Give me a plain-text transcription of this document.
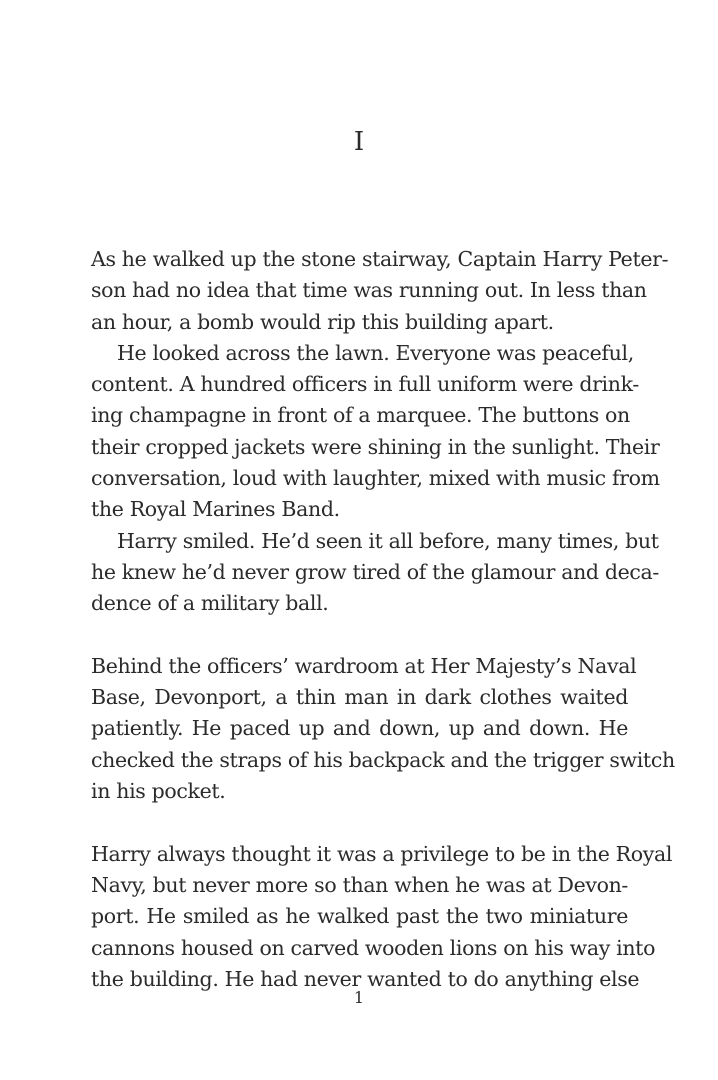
I
As he walked up the stone stairway, Captain Harry Peter-
son had no idea that time was running out. In less than
an hour, a bomb would rip this building apart.
He looked across the lawn. Everyone was peaceful,
content. A hundred officers in full uniform were drink-
ing champagne in front of a marquee. The buttons on
their cropped jackets were shining in the sunlight. Their
conversation, loud with laughter, mixed with music from
the Royal Marines Band.
Harry smiled. He’d seen it all before, many times, but
he knew he’d never grow tired of the glamour and deca-
dence of a military ball.
Behind the officers’ wardroom at Her Majesty’s Naval
Base, Devonport, a thin man in dark clothes waited
patiently. He paced up and down, up and down. He
checked the straps of his backpack and the trigger switch
in his pocket.
Harry always thought it was a privilege to be in the Royal
Navy, but never more so than when he was at Devon-
port. He smiled as he walked past the two miniature
cannons housed on carved wooden lions on his way into
the building. He had never wanted to do anything else
1
